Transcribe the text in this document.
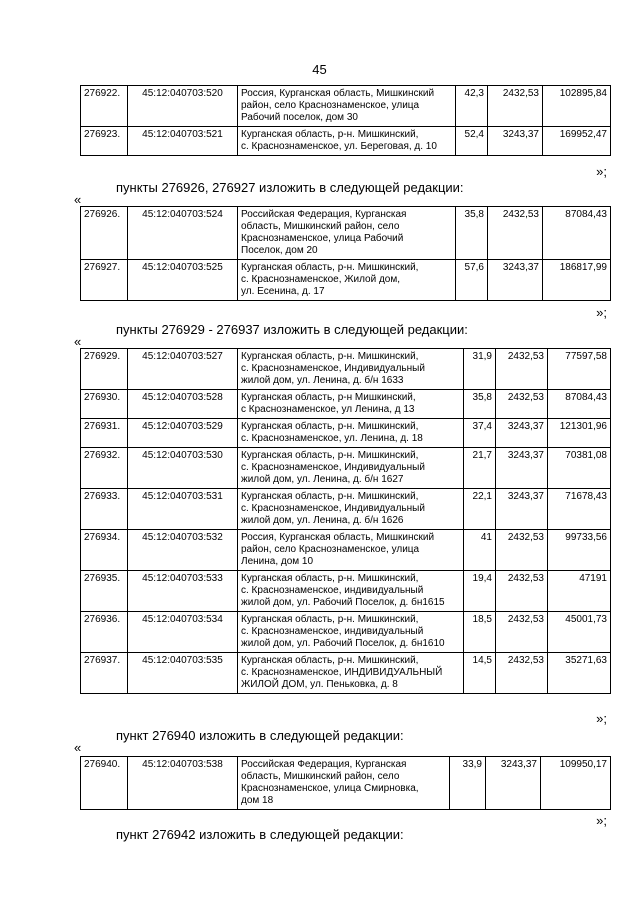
45
276922.	45:12:040703:520	Россия, Курганская область, Мишкинский
район, село Краснознаменское, улица
Рабочий поселок, дом 30	42,3	2432,53	102895,84
276923.	45:12:040703:521	Курганская область, р-н. Мишкинский,
с. Краснознаменское, ул. Береговая, д. 10	52,4	3243,37	169952,47
»;
пункты 276926, 276927 изложить в следующей редакции:
«
276926.	45:12:040703:524	Российская Федерация, Курганская
область, Мишкинский район, село
Краснознаменское, улица Рабочий
Поселок, дом 20	35,8	2432,53	87084,43
276927.	45:12:040703:525	Курганская область, р-н. Мишкинский,
с. Краснознаменское, Жилой дом,
ул. Есенина, д. 17	57,6	3243,37	186817,99
»;
пункты 276929 - 276937 изложить в следующей редакции:
«
276929.	45:12:040703:527	Курганская область, р-н. Мишкинский,
с. Краснознаменское, Индивидуальный
жилой дом, ул. Ленина, д. б/н 1633	31,9	2432,53	77597,58
276930.	45:12:040703:528	Курганская область, р-н Мишкинский,
с Краснознаменское, ул Ленина, д 13	35,8	2432,53	87084,43
276931.	45:12:040703:529	Курганская область, р-н. Мишкинский,
с. Краснознаменское, ул. Ленина, д. 18	37,4	3243,37	121301,96
276932.	45:12:040703:530	Курганская область, р-н. Мишкинский,
с. Краснознаменское, Индивидуальный
жилой дом, ул. Ленина, д. б/н 1627	21,7	3243,37	70381,08
276933.	45:12:040703:531	Курганская область, р-н. Мишкинский,
с. Краснознаменское, Индивидуальный
жилой дом, ул. Ленина, д. б/н 1626	22,1	3243,37	71678,43
276934.	45:12:040703:532	Россия, Курганская область, Мишкинский
район, село Краснознаменское, улица
Ленина, дом 10	41	2432,53	99733,56
276935.	45:12:040703:533	Курганская область, р-н. Мишкинский,
с. Краснознаменское, индивидуальный
жилой дом, ул. Рабочий Поселок, д. бн1615	19,4	2432,53	47191
276936.	45:12:040703:534	Курганская область, р-н. Мишкинский,
с. Краснознаменское, индивидуальный
жилой дом, ул. Рабочий Поселок, д. бн1610	18,5	2432,53	45001,73
276937.	45:12:040703:535	Курганская область, р-н. Мишкинский,
с. Краснознаменское, ИНДИВИДУАЛЬНЫЙ
ЖИЛОЙ ДОМ, ул. Пеньковка, д. 8	14,5	2432,53	35271,63
»;
пункт 276940 изложить в следующей редакции:
«
276940.	45:12:040703:538	Российская Федерация, Курганская
область, Мишкинский район, село
Краснознаменское, улица Смирновка,
дом 18
	33,9	3243,37	109950,17
»;
пункт 276942 изложить в следующей редакции:
